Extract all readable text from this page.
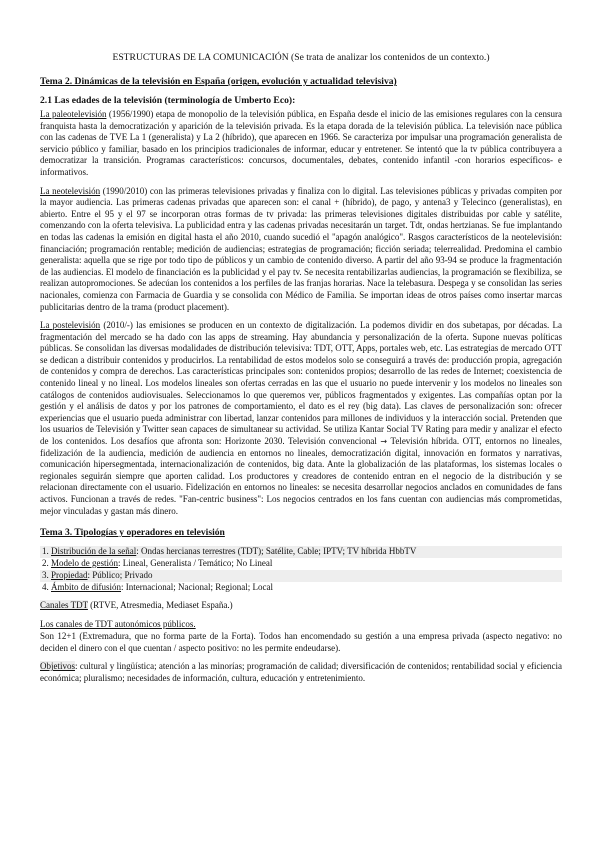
ESTRUCTURAS DE LA COMUNICACIÓN (Se trata de analizar los contenidos de un contexto.)

Tema 2. Dinámicas de la televisión en España (origen, evolución y actualidad televisiva)

2.1 Las edades de la televisión (terminología de Umberto Eco):

La paleotelevisión (1956/1990) etapa de monopolio de la televisión pública, en España desde el inicio de las emisiones regulares con la censura franquista hasta la democratización y aparición de la televisión privada. Es la etapa dorada de la televisión pública. La televisión nace pública con las cadenas de TVE La 1 (generalista) y La 2 (híbrido), que aparecen en 1966. Se caracteriza por impulsar una programación generalista de servicio público y familiar, basado en los principios tradicionales de informar, educar y entretener. Se intentó que la tv pública contribuyera a democratizar la transición. Programas característicos: concursos, documentales, debates, contenido infantil -con horarios específicos- e informativos.

La neotelevisión (1990/2010) con las primeras televisiones privadas y finaliza con lo digital. Las televisiones públicas y privadas compiten por la mayor audiencia. Las primeras cadenas privadas que aparecen son: el canal + (híbrido), de pago, y antena3 y Telecinco (generalistas), en abierto. Entre el 95 y el 97 se incorporan otras formas de tv privada: las primeras televisiones digitales distribuidas por cable y satélite, comenzando con la oferta televisiva. La publicidad entra y las cadenas privadas necesitarán un target. Tdt, ondas hertzianas. Se fue implantando en todas las cadenas la emisión en digital hasta el año 2010, cuando sucedió el "apagón analógico". Rasgos característicos de la neotelevisión: financiación; programación rentable; medición de audiencias; estrategias de programación; ficción seriada; telerrealidad. Predomina el cambio generalista: aquella que se rige por todo tipo de públicos y un cambio de contenido diverso. A partir del año 93-94 se produce la fragmentación de las audiencias. El modelo de financiación es la publicidad y el pay tv. Se necesita rentabilizarlas audiencias, la programación se flexibiliza, se realizan autopromociones. Se adecúan los contenidos a los perfiles de las franjas horarias. Nace la telebasura. Despega y se consolidan las series nacionales, comienza con Farmacia de Guardia y se consolida con Médico de Familia. Se importan ideas de otros países como insertar marcas publicitarias dentro de la trama (product placement).

La postelevisión (2010/-) las emisiones se producen en un contexto de digitalización. La podemos dividir en dos subetapas, por décadas. La fragmentación del mercado se ha dado con las apps de streaming. Hay abundancia y personalización de la oferta. Supone nuevas políticas públicas. Se consolidan las diversas modalidades de distribución televisiva: TDT, OTT, Apps, portales web, etc. Las estrategias de mercado OTT se dedican a distribuir contenidos y producirlos. La rentabilidad de estos modelos solo se conseguirá a través de: producción propia, agregación de contenidos y compra de derechos. Las características principales son: contenidos propios; desarrollo de las redes de Internet; coexistencia de contenido lineal y no lineal. Los modelos lineales son ofertas cerradas en las que el usuario no puede intervenir y los modelos no lineales son catálogos de contenidos audiovisuales. Seleccionamos lo que queremos ver, públicos fragmentados y exigentes. Las compañías optan por la gestión y el análisis de datos y por los patrones de comportamiento, el dato es el rey (big data). Las claves de personalización son: ofrecer experiencias que el usuario pueda administrar con libertad, lanzar contenidos para millones de individuos y la interacción social. Pretenden que los usuarios de Televisión y Twitter sean capaces de simultanear su actividad. Se utiliza Kantar Social TV Rating para medir y analizar el efecto de los contenidos. Los desafíos que afronta son: Horizonte 2030. Televisión convencional → Televisión híbrida. OTT, entornos no lineales, fidelización de la audiencia, medición de audiencia en entornos no lineales, democratización digital, innovación en formatos y narrativas, comunicación hipersegmentada, internacionalización de contenidos, big data. Ante la globalización de las plataformas, los sistemas locales o regionales seguirán siempre que aporten calidad. Los productores y creadores de contenido entran en el negocio de la distribución y se relacionan directamente con el usuario. Fidelización en entornos no lineales: se necesita desarrollar negocios anclados en comunidades de fans activos. Funcionan a través de redes. "Fan-centric business": Los negocios centrados en los fans cuentan con audiencias más comprometidas, mejor vinculadas y gastan más dinero.

Tema 3. Tipologías y operadores en televisión

1. Distribución de la señal: Ondas hercianas terrestres (TDT); Satélite, Cable; IPTV; TV híbrida HbbTV

2. Modelo de gestión: Lineal, Generalista / Temático; No Lineal

3. Propiedad: Público; Privado

4. Ámbito de difusión: Internacional; Nacional; Regional; Local

Canales TDT (RTVE, Atresmedia, Mediaset España.)

Los canales de TDT autonómicos públicos.

Son 12+1 (Extremadura, que no forma parte de la Forta). Todos han encomendado su gestión a una empresa privada (aspecto negativo: no deciden el dinero con el que cuentan / aspecto positivo: no les permite endeudarse).

Objetivos: cultural y lingüística; atención a las minorías; programación de calidad; diversificación de contenidos; rentabilidad social y eficiencia económica; pluralismo; necesidades de información, cultura, educación y entretenimiento.
